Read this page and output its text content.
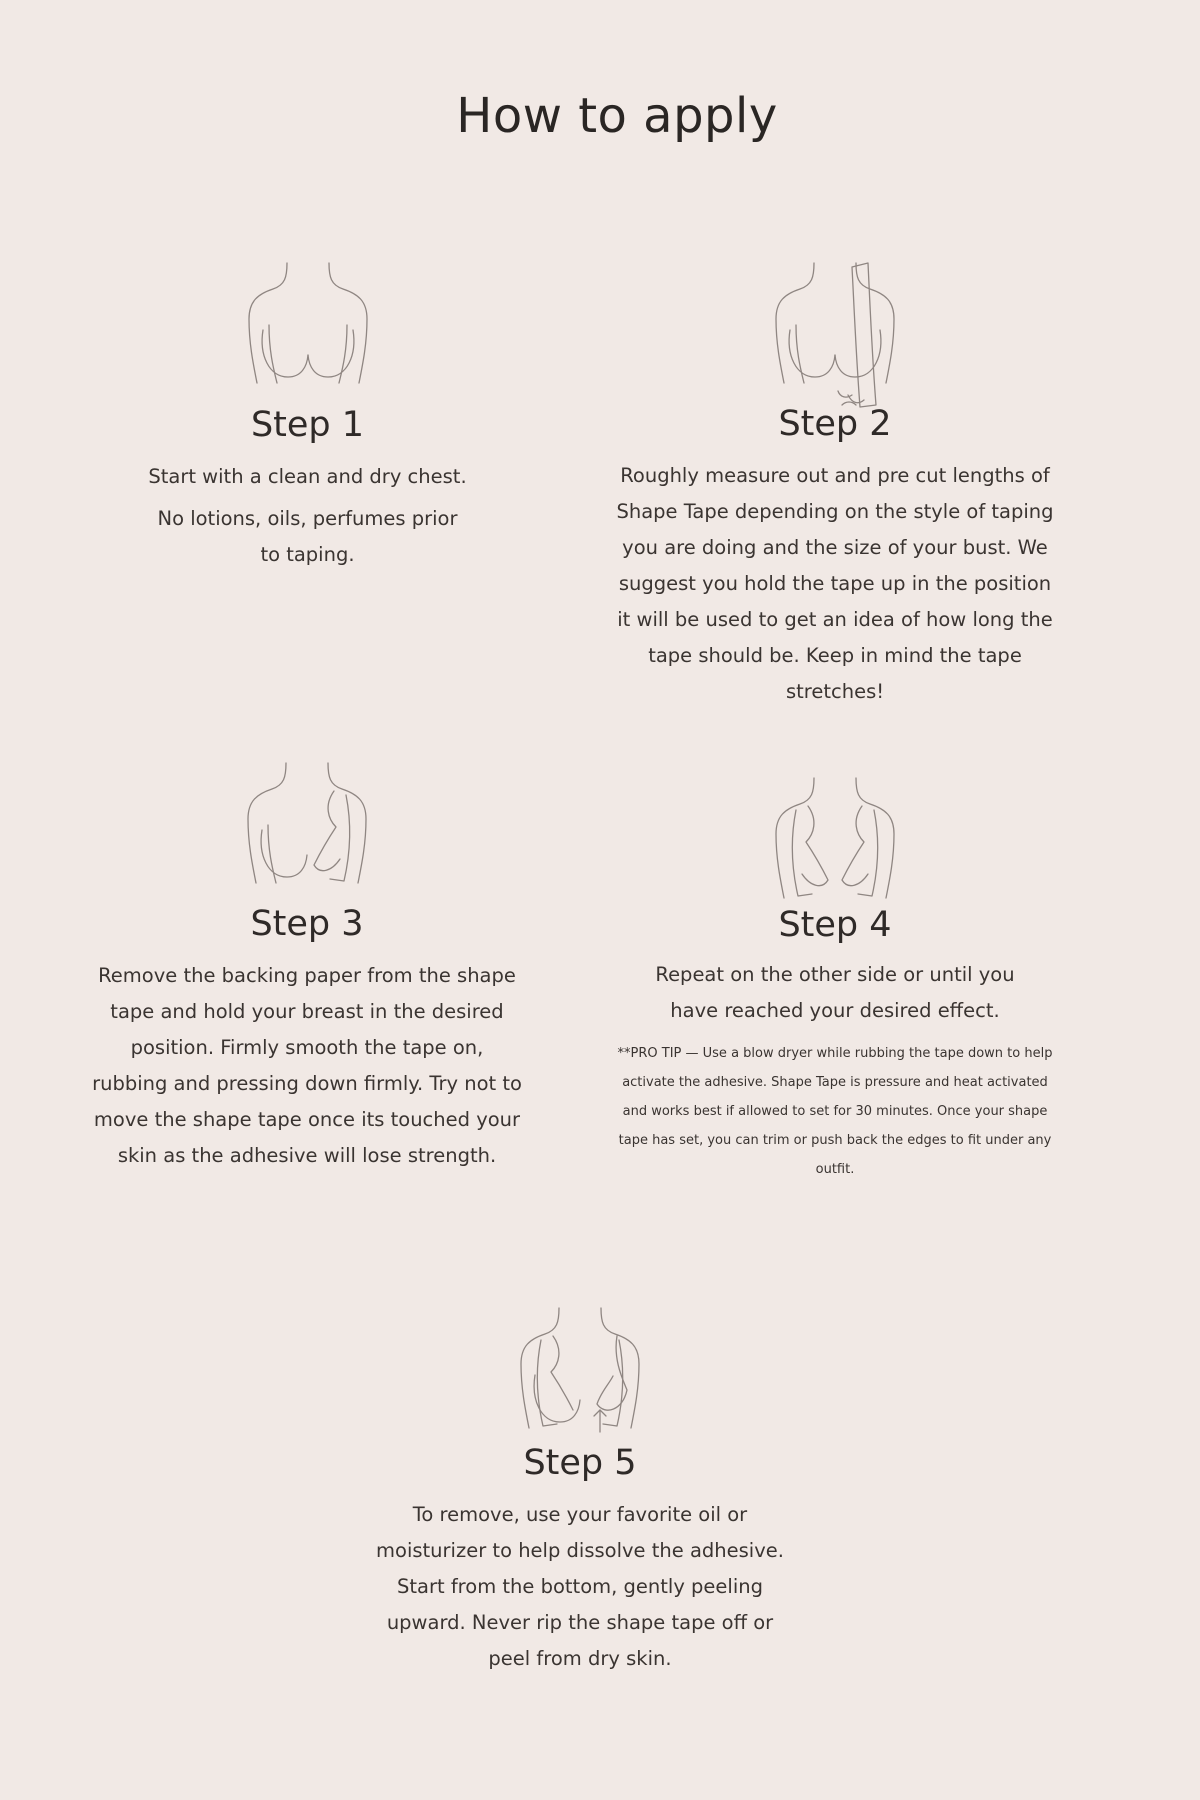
How to apply
Step 1

Start with a clean and dry chest.

No lotions, oils, perfumes prior to taping.

Step 2

Roughly measure out and pre cut lengths of Shape Tape depending on the style of taping you are doing and the size of your bust. We suggest you hold the tape up in the position it will be used to get an idea of how long the tape should be. Keep in mind the tape stretches!

Step 3

Remove the backing paper from the shape tape and hold your breast in the desired position. Firmly smooth the tape on, rubbing and pressing down firmly. Try not to move the shape tape once its touched your skin as the adhesive will lose strength.

Step 4

Repeat on the other side or until you have reached your desired effect.

**PRO TIP — Use a blow dryer while rubbing the tape down to help activate the adhesive. Shape Tape is pressure and heat activated and works best if allowed to set for 30 minutes. Once your shape tape has set, you can trim or push back the edges to fit under any outfit.

Step 5

To remove, use your favorite oil or moisturizer to help dissolve the adhesive. Start from the bottom, gently peeling upward. Never rip the shape tape off or peel from dry skin.
